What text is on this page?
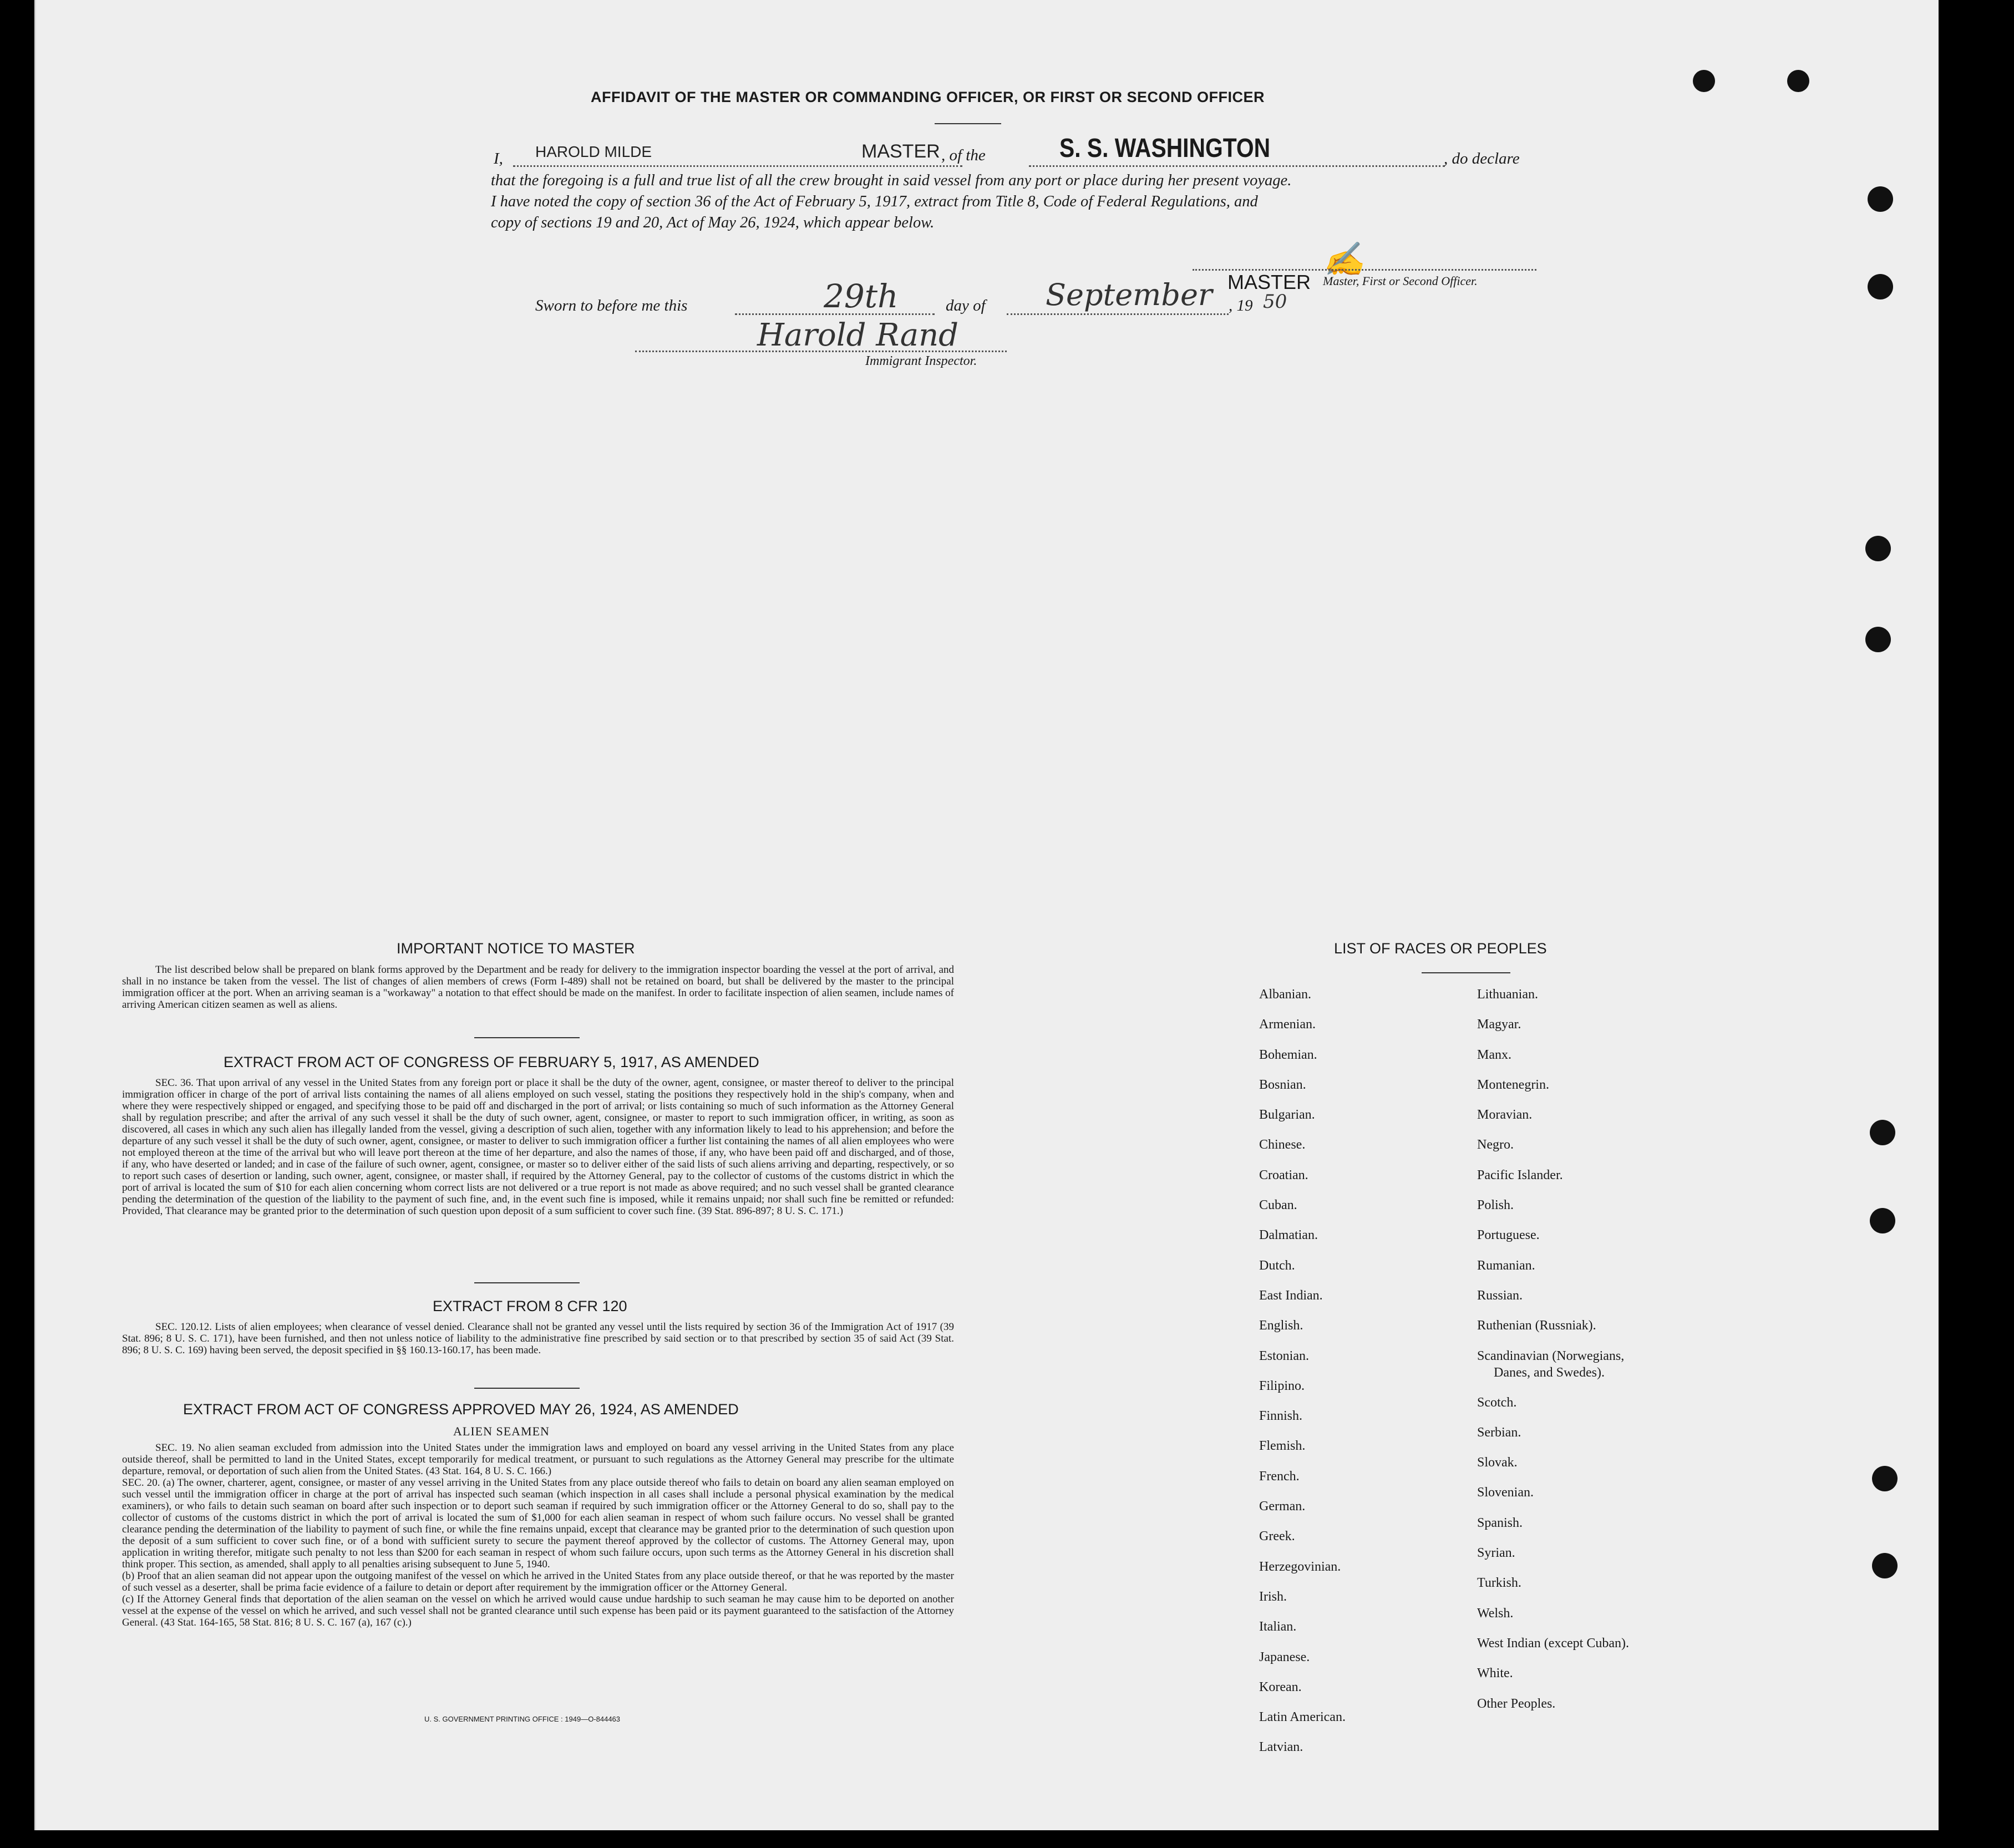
AFFIDAVIT OF THE MASTER OR COMMANDING OFFICER, OR FIRST OR SECOND OFFICER
I, HAROLD MILDE	MASTER , of the	S. S. WASHINGTON	, do declare
that the foregoing is a full and true list of all the crew brought in said vessel from any port or place during her present voyage.
I have noted the copy of section 36 of the Act of February 5, 1917, extract from Title 8, Code of Federal Regulations, and
copy of sections 19 and 20, Act of May 26, 1924, which appear below.
Sworn to before me this	29th	day of September , 19 50
MASTER
✍
Master, First or Second Officer.
Harold Rand
Immigrant Inspector.
IMPORTANT NOTICE TO MASTER
The list described below shall be prepared on blank forms approved by the Department and be ready for delivery to the immigration inspector boarding the vessel at the port of arrival, and shall in no instance be taken from the vessel. The list of changes of alien members of crews (Form I-489) shall not be retained on board, but shall be delivered by the master to the principal immigration officer at the port. When an arriving seaman is a "workaway" a notation to that effect should be made on the manifest. In order to facilitate inspection of alien seamen, include names of arriving American citizen seamen as well as aliens.
EXTRACT FROM ACT OF CONGRESS OF FEBRUARY 5, 1917, AS AMENDED
SEC. 36. That upon arrival of any vessel in the United States from any foreign port or place it shall be the duty of the owner, agent, consignee, or master thereof to deliver to the principal immigration officer in charge of the port of arrival lists containing the names of all aliens employed on such vessel, stating the positions they respectively hold in the ship's company, when and where they were respectively shipped or engaged, and specifying those to be paid off and discharged in the port of arrival; or lists containing so much of such information as the Attorney General shall by regulation prescribe; and after the arrival of any such vessel it shall be the duty of such owner, agent, consignee, or master to report to such immigration officer, in writing, as soon as discovered, all cases in which any such alien has illegally landed from the vessel, giving a description of such alien, together with any information likely to lead to his apprehension; and before the departure of any such vessel it shall be the duty of such owner, agent, consignee, or master to deliver to such immigration officer a further list containing the names of all alien employees who were not employed thereon at the time of the arrival but who will leave port thereon at the time of her departure, and also the names of those, if any, who have been paid off and discharged, and of those, if any, who have deserted or landed; and in case of the failure of such owner, agent, consignee, or master so to deliver either of the said lists of such aliens arriving and departing, respectively, or so to report such cases of desertion or landing, such owner, agent, consignee, or master shall, if required by the Attorney General, pay to the collector of customs of the customs district in which the port of arrival is located the sum of $10 for each alien concerning whom correct lists are not delivered or a true report is not made as above required; and no such vessel shall be granted clearance pending the determination of the question of the liability to the payment of such fine, and, in the event such fine is imposed, while it remains unpaid; nor shall such fine be remitted or refunded: Provided, That clearance may be granted prior to the determination of such question upon deposit of a sum sufficient to cover such fine. (39 Stat. 896-897; 8 U. S. C. 171.)
EXTRACT FROM 8 CFR 120
SEC. 120.12. Lists of alien employees; when clearance of vessel denied. Clearance shall not be granted any vessel until the lists required by section 36 of the Immigration Act of 1917 (39 Stat. 896; 8 U. S. C. 171), have been furnished, and then not unless notice of liability to the administrative fine prescribed by said section or to that prescribed by section 35 of said Act (39 Stat. 896; 8 U. S. C. 169) having been served, the deposit specified in §§ 160.13-160.17, has been made.
EXTRACT FROM ACT OF CONGRESS APPROVED MAY 26, 1924, AS AMENDED
ALIEN SEAMEN
SEC. 19. No alien seaman excluded from admission into the United States under the immigration laws and employed on board any vessel arriving in the United States from any place outside thereof, shall be permitted to land in the United States, except temporarily for medical treatment, or pursuant to such regulations as the Attorney General may prescribe for the ultimate departure, removal, or deportation of such alien from the United States. (43 Stat. 164, 8 U. S. C. 166.)
SEC. 20. (a) The owner, charterer, agent, consignee, or master of any vessel arriving in the United States from any place outside thereof who fails to detain on board any alien seaman employed on such vessel until the immigration officer in charge at the port of arrival has inspected such seaman (which inspection in all cases shall include a personal physical examination by the medical examiners), or who fails to detain such seaman on board after such inspection or to deport such seaman if required by such immigration officer or the Attorney General to do so, shall pay to the collector of customs of the customs district in which the port of arrival is located the sum of $1,000 for each alien seaman in respect of whom such failure occurs. No vessel shall be granted clearance pending the determination of the liability to payment of such fine, or while the fine remains unpaid, except that clearance may be granted prior to the determination of such question upon the deposit of a sum sufficient to cover such fine, or of a bond with sufficient surety to secure the payment thereof approved by the collector of customs. The Attorney General may, upon application in writing therefor, mitigate such penalty to not less than $200 for each seaman in respect of whom such failure occurs, upon such terms as the Attorney General in his discretion shall think proper. This section, as amended, shall apply to all penalties arising subsequent to June 5, 1940.
(b) Proof that an alien seaman did not appear upon the outgoing manifest of the vessel on which he arrived in the United States from any place outside thereof, or that he was reported by the master of such vessel as a deserter, shall be prima facie evidence of a failure to detain or deport after requirement by the immigration officer or the Attorney General.
(c) If the Attorney General finds that deportation of the alien seaman on the vessel on which he arrived would cause undue hardship to such seaman he may cause him to be deported on another vessel at the expense of the vessel on which he arrived, and such vessel shall not be granted clearance until such expense has been paid or its payment guaranteed to the satisfaction of the Attorney General. (43 Stat. 164-165, 58 Stat. 816; 8 U. S. C. 167 (a), 167 (c).)
U. S. GOVERNMENT PRINTING OFFICE : 1949—O-844463
LIST OF RACES OR PEOPLES
Albanian.
Armenian.
Bohemian.
Bosnian.
Bulgarian.
Chinese.
Croatian.
Cuban.
Dalmatian.
Dutch.
East Indian.
English.
Estonian.
Filipino.
Finnish.
Flemish.
French.
German.
Greek.
Herzegovinian.
Irish.
Italian.
Japanese.
Korean.
Latin American.
Latvian.
Lithuanian.
Magyar.
Manx.
Montenegrin.
Moravian.
Negro.
Pacific Islander.
Polish.
Portuguese.
Rumanian.
Russian.
Ruthenian (Russniak).
Scandinavian (Norwegians,
Danes, and Swedes).
Scotch.
Serbian.
Slovak.
Slovenian.
Spanish.
Syrian.
Turkish.
Welsh.
West Indian (except Cuban).
White.
Other Peoples.
